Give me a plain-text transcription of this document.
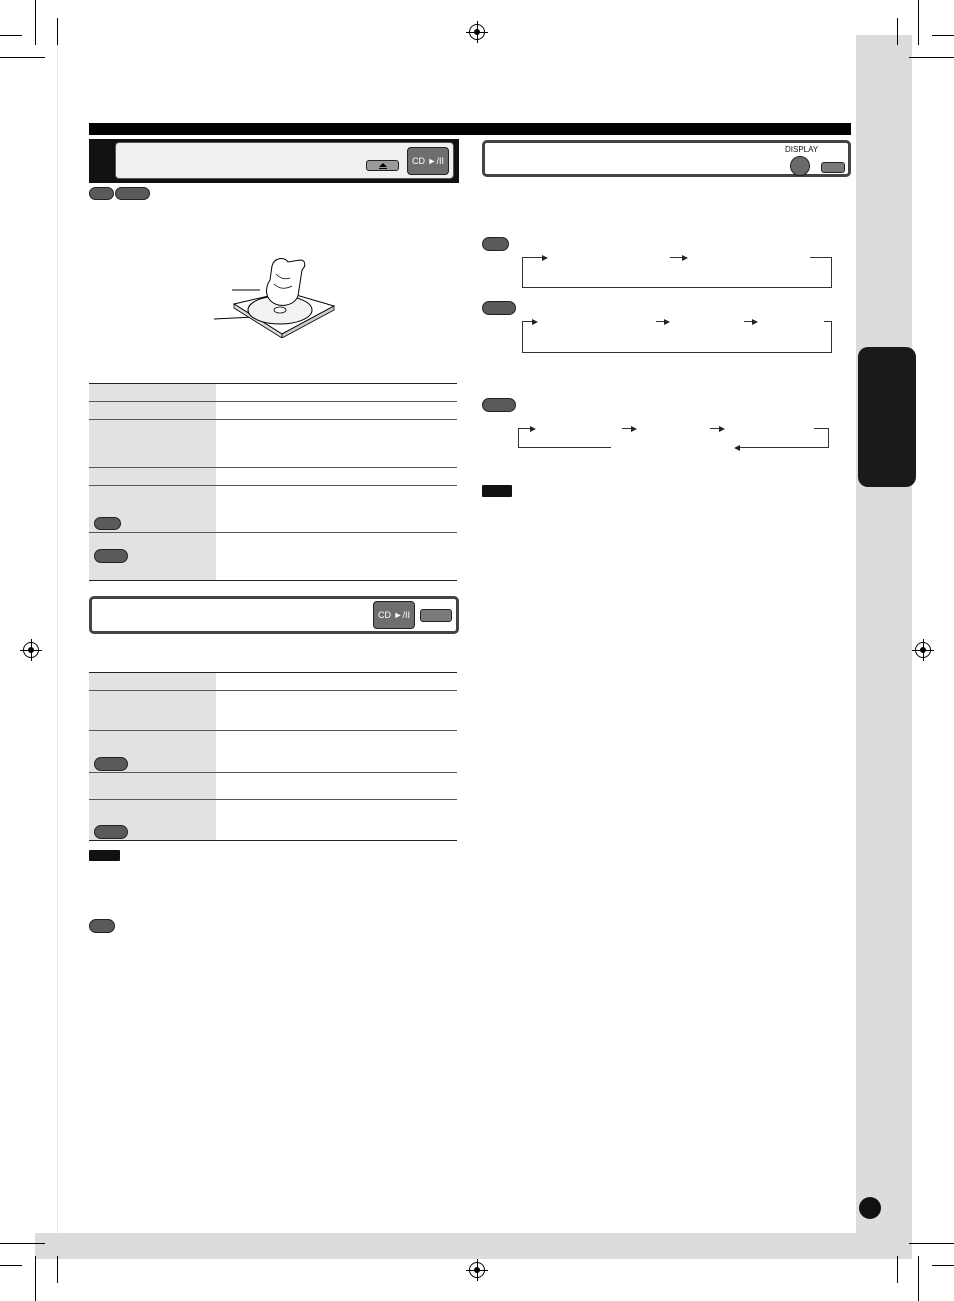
CD ►/II
CD ►/II
DISPLAY
